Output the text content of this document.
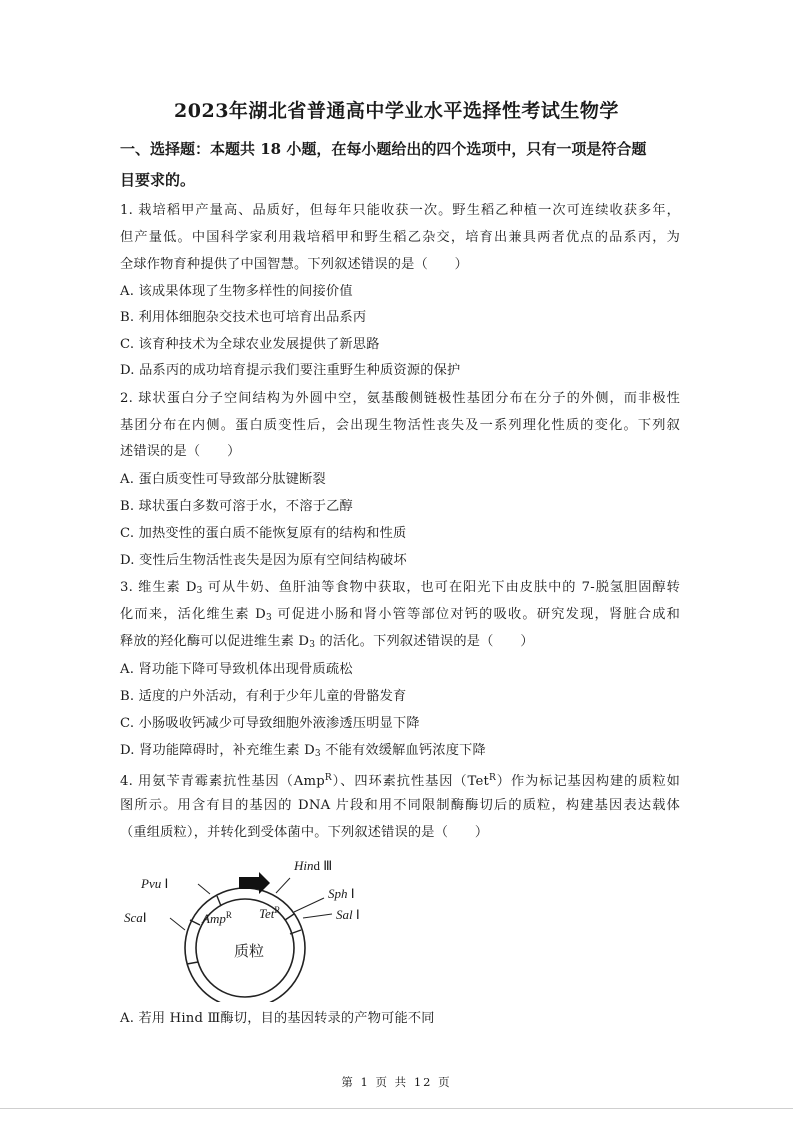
2023年湖北省普通高中学业水平选择性考试生物学
一、选择题：本题共 18 小题，在每小题给出的四个选项中，只有一项是符合题
目要求的。
1. 栽培稻甲产量高、品质好，但每年只能收获一次。野生稻乙种植一次可连续收获多年，
但产量低。中国科学家利用栽培稻甲和野生稻乙杂交，培育出兼具两者优点的品系丙，为
全球作物育种提供了中国智慧。下列叙述错误的是（　　）
A. 该成果体现了生物多样性的间接价值
B. 利用体细胞杂交技术也可培育出品系丙
C. 该育种技术为全球农业发展提供了新思路
D. 品系丙的成功培育提示我们要注重野生种质资源的保护
2. 球状蛋白分子空间结构为外圆中空，氨基酸侧链极性基团分布在分子的外侧，而非极性
基团分布在内侧。蛋白质变性后，会出现生物活性丧失及一系列理化性质的变化。下列叙
述错误的是（　　）
A. 蛋白质变性可导致部分肽键断裂
B. 球状蛋白多数可溶于水，不溶于乙醇
C. 加热变性的蛋白质不能恢复原有的结构和性质
D. 变性后生物活性丧失是因为原有空间结构破坏
3. 维生素 $D_3$ 可从牛奶、鱼肝油等食物中获取，也可在阳光下由皮肤中的 7-脱氢胆固醇转
化而来，活化维生素 $D_3$ 可促进小肠和肾小管等部位对钙的吸收。研究发现，肾脏合成和
释放的羟化酶可以促进维生素 $D_3$ 的活化。下列叙述错误的是（　　）
A. 肾功能下降可导致机体出现骨质疏松
B. 适度的户外活动，有利于少年儿童的骨骼发育
C. 小肠吸收钙减少可导致细胞外液渗透压明显下降
D. 肾功能障碍时，补充维生素 $D_3$ 不能有效缓解血钙浓度下降
4. 用氨苄青霉素抗性基因（Amp$^R$）、四环素抗性基因（Tet$^R$）作为标记基因构建的质粒如
图所示。用含有目的基因的 DNA 片段和用不同限制酶酶切后的质粒，构建基因表达载体
（重组质粒），并转化到受体菌中。下列叙述错误的是（　　）
Pvu Ⅰ
ScaⅠ
Hind Ⅲ
Sph Ⅰ
Sal Ⅰ
Amp$^R$ Tet$^R$
质粒
A. 若用 Hind Ⅲ酶切，目的基因转录的产物可能不同
第 1 页 共 12 页
